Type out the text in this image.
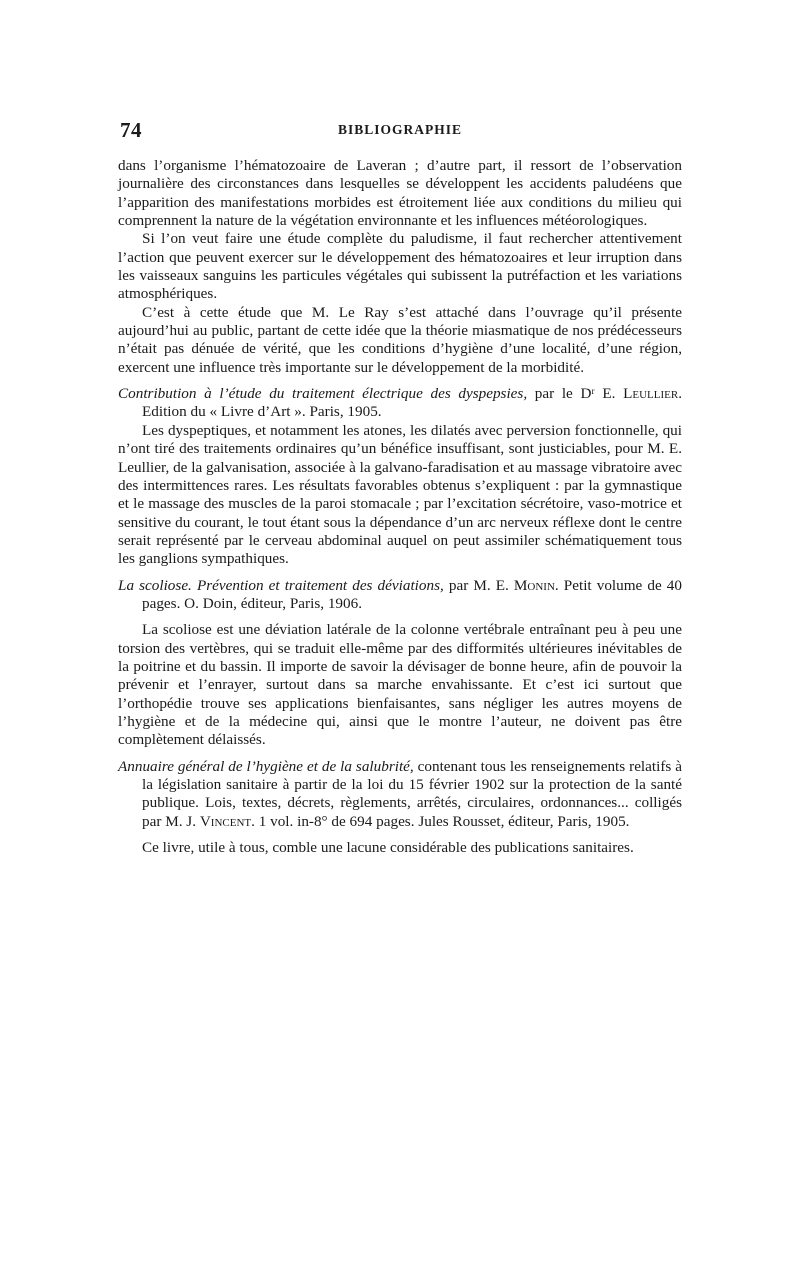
74	BIBLIOGRAPHIE

dans l’organisme l’hématozoaire de Laveran ; d’autre part, il ressort de l’observation journalière des circonstances dans lesquelles se développent les accidents paludéens que l’apparition des manifestations morbides est étroitement liée aux conditions du milieu qui comprennent la nature de la végétation environnante et les influences météorologiques.

Si l’on veut faire une étude complète du paludisme, il faut rechercher attentivement l’action que peuvent exercer sur le développement des hématozoaires et leur irruption dans les vaisseaux sanguins les particules végétales qui subissent la putréfaction et les variations atmosphériques.

C’est à cette étude que M. Le Ray s’est attaché dans l’ouvrage qu’il présente aujourd’hui au public, partant de cette idée que la théorie miasmatique de nos prédécesseurs n’était pas dénuée de vérité, que les conditions d’hygiène d’une localité, d’une région, exercent une influence très importante sur le développement de la morbidité.

Contribution à l’étude du traitement électrique des dyspepsies, par le Dʳ E. Leullier. Edition du « Livre d’Art ». Paris, 1905.

Les dyspeptiques, et notamment les atones, les dilatés avec perversion fonctionnelle, qui n’ont tiré des traitements ordinaires qu’un bénéfice insuffisant, sont justiciables, pour M. E. Leullier, de la galvanisation, associée à la galvano-faradisation et au massage vibratoire avec des intermittences rares. Les résultats favorables obtenus s’expliquent : par la gymnastique et le massage des muscles de la paroi stomacale ; par l’excitation sécrétoire, vaso-motrice et sensitive du courant, le tout étant sous la dépendance d’un arc nerveux réflexe dont le centre serait représenté par le cerveau abdominal auquel on peut assimiler schématiquement tous les ganglions sympathiques.

La scoliose. Prévention et traitement des déviations, par M. E. Monin. Petit volume de 40 pages. O. Doin, éditeur, Paris, 1906.

La scoliose est une déviation latérale de la colonne vertébrale entraînant peu à peu une torsion des vertèbres, qui se traduit elle-même par des difformités ultérieures inévitables de la poitrine et du bassin. Il importe de savoir la dévisager de bonne heure, afin de pouvoir la prévenir et l’enrayer, surtout dans sa marche envahissante. Et c’est ici surtout que l’orthopédie trouve ses applications bienfaisantes, sans négliger les autres moyens de l’hygiène et de la médecine qui, ainsi que le montre l’auteur, ne doivent pas être complètement délaissés.

Annuaire général de l’hygiène et de la salubrité, contenant tous les renseignements relatifs à la législation sanitaire à partir de la loi du 15 février 1902 sur la protection de la santé publique. Lois, textes, décrets, règlements, arrêtés, circulaires, ordonnances... colligés par M. J. Vincent. 1 vol. in-8° de 694 pages. Jules Rousset, éditeur, Paris, 1905.

Ce livre, utile à tous, comble une lacune considérable des publications sanitaires.
